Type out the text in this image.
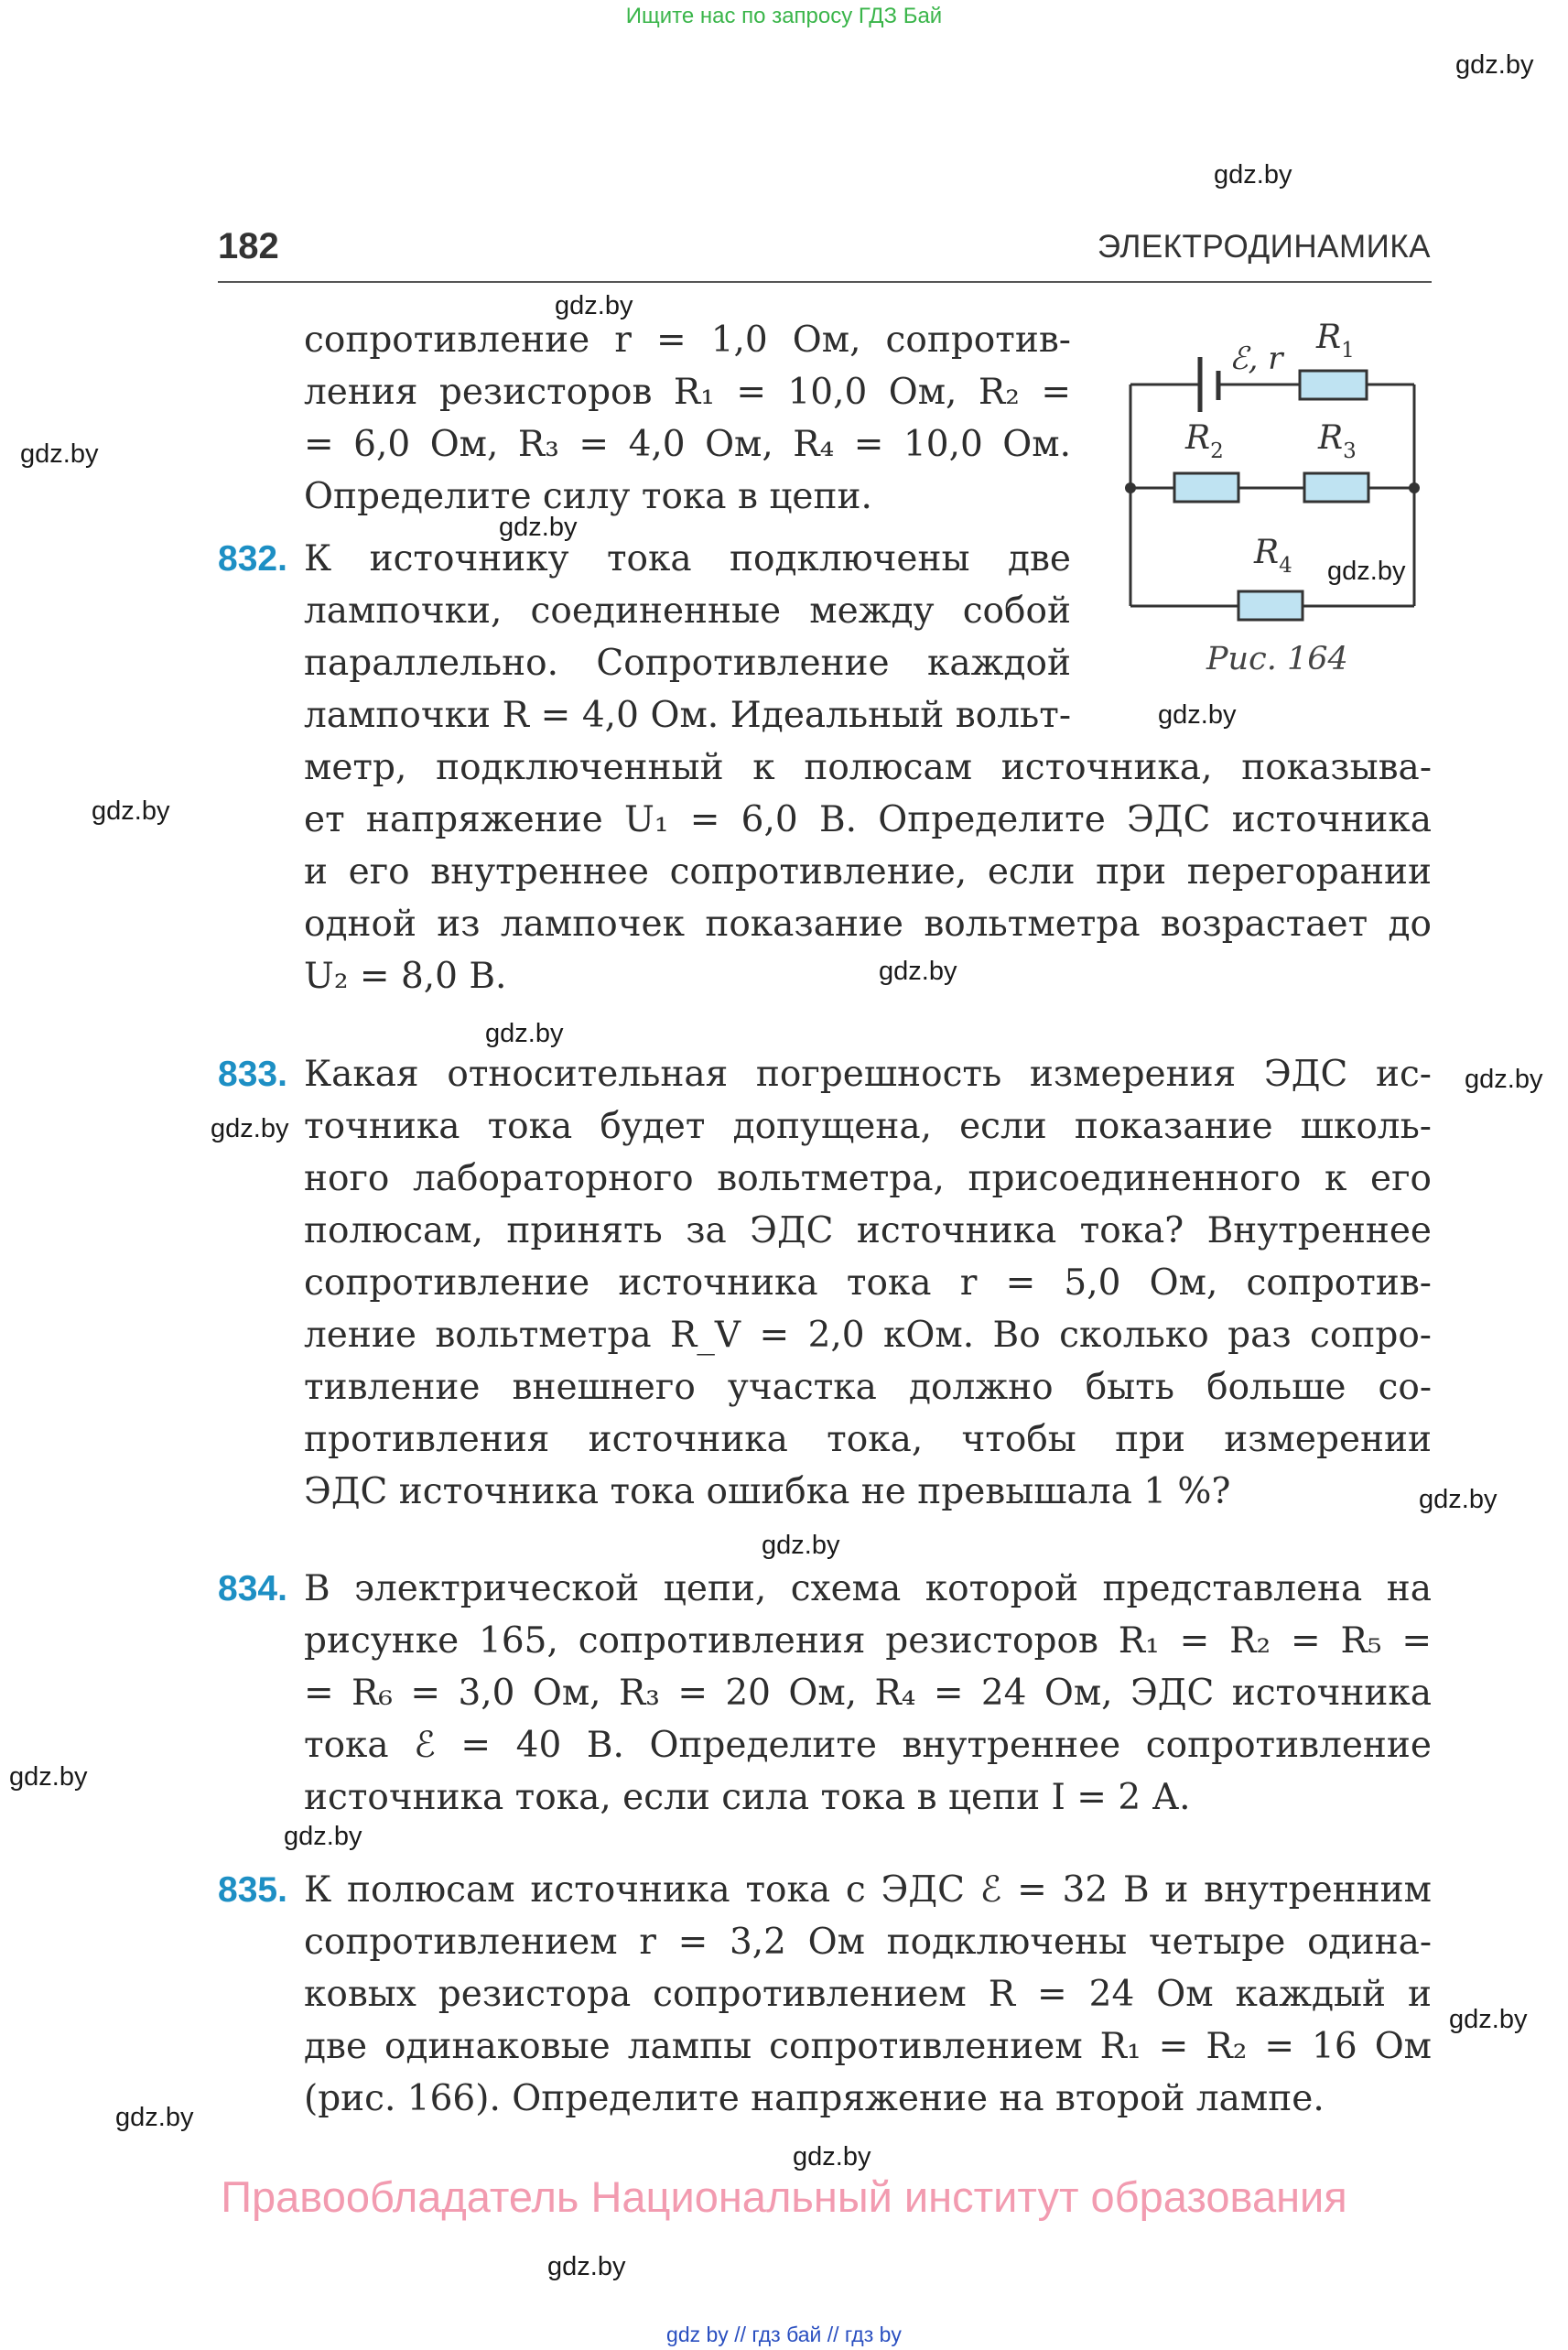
Ищите нас по запросу ГДЗ Бай
gdz.by
gdz.by
gdz.by
gdz.by
gdz.by
gdz.by
gdz.by
gdz.by
gdz.by
gdz.by
gdz.by
gdz.by
gdz.by
gdz.by
gdz.by
gdz.by
gdz.by
gdz.by
gdz.by
gdz.by
182	ЭЛЕКТРОДИНАМИКА
ℰ, r
$R_1$
$R_2$	$R_3$
$R_4$
Рис. 164
сопротивление r = 1,0 Ом, сопротив-
ления резисторов R₁ = 10,0 Ом, R₂ =
= 6,0 Ом, R₃ = 4,0 Ом, R₄ = 10,0 Ом.
Определите силу тока в цепи.
832. К источнику тока подключены две
лампочки, соединенные между собой
параллельно. Сопротивление каждой
лампочки R = 4,0 Ом. Идеальный вольт-
метр, подключенный к полюсам источника, показыва-
ет напряжение U₁ = 6,0 В. Определите ЭДС источника
и его внутреннее сопротивление, если при перегорании
одной из лампочек показание вольтметра возрастает до
U₂ = 8,0 В.
833. Какая относительная погрешность измерения ЭДС ис-
точника тока будет допущена, если показание школь-
ного лабораторного вольтметра, присоединенного к его
полюсам, принять за ЭДС источника тока? Внутреннее
сопротивление источника тока r = 5,0 Ом, сопротив-
ление вольтметра R_V = 2,0 кОм. Во сколько раз сопро-
тивление внешнего участка должно быть больше со-
противления источника тока, чтобы при измерении
ЭДС источника тока ошибка не превышала 1 %?
834. В электрической цепи, схема которой представлена на
рисунке 165, сопротивления резисторов R₁ = R₂ = R₅ =
= R₆ = 3,0 Ом, R₃ = 20 Ом, R₄ = 24 Ом, ЭДС источника
тока ℰ = 40 В. Определите внутреннее сопротивление
источника тока, если сила тока в цепи I = 2 А.
835. К полюсам источника тока с ЭДС ℰ = 32 В и внутренним
сопротивлением r = 3,2 Ом подключены четыре одина-
ковых резистора сопротивлением R = 24 Ом каждый и
две одинаковые лампы сопротивлением R₁ = R₂ = 16 Ом
(рис. 166). Определите напряжение на второй лампе.
Правообладатель Национальный институт образования
gdz by // гдз бай // гдз by
